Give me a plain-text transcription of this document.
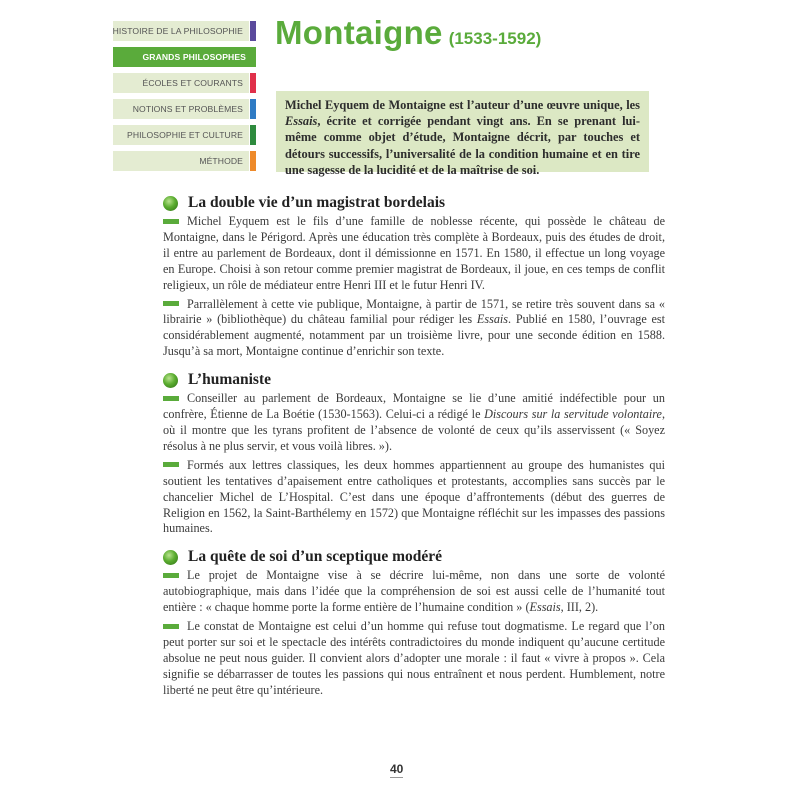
HISTOIRE DE LA PHILOSOPHIE
GRANDS PHILOSOPHES
ÉCOLES ET COURANTS
NOTIONS ET PROBLÈMES
PHILOSOPHIE ET CULTURE
MÉTHODE
Montaigne (1533-1592)
Michel Eyquem de Montaigne est l’auteur d’une œuvre unique, les Essais, écrite et corrigée pendant vingt ans. En se prenant lui-même comme objet d’étude, Montaigne décrit, par touches et détours successifs, l’universalité de la condition humaine et en tire une sagesse de la lucidité et de la maîtrise de soi.
La double vie d’un magistrat bordelais
Michel Eyquem est le fils d’une famille de noblesse récente, qui possède le château de Montaigne, dans le Périgord. Après une éducation très complète à Bordeaux, puis des études de droit, il entre au parlement de Bordeaux, dont il démissionne en 1571. En 1580, il effectue un long voyage en Europe. Choisi à son retour comme premier magistrat de Bordeaux, il joue, en ces temps de conflit religieux, un rôle de médiateur entre Henri III et le futur Henri IV.
Parrallèlement à cette vie publique, Montaigne, à partir de 1571, se retire très souvent dans sa « librairie » (bibliothèque) du château familial pour rédiger les Essais. Publié en 1580, l’ouvrage est considérablement augmenté, notamment par un troisième livre, pour une seconde édition en 1588. Jusqu’à sa mort, Montaigne continue d’enrichir son texte.
L’humaniste
Conseiller au parlement de Bordeaux, Montaigne se lie d’une amitié indéfectible pour un confrère, Étienne de La Boétie (1530-1563). Celui-ci a rédigé le Discours sur la servitude volontaire, où il montre que les tyrans profitent de l’absence de volonté de ceux qu’ils asservissent (« Soyez résolus à ne plus servir, et vous voilà libres. »).
Formés aux lettres classiques, les deux hommes appartiennent au groupe des humanistes qui soutient les tentatives d’apaisement entre catholiques et protestants, accomplies sans succès par le chancelier Michel de L’Hospital. C’est dans une époque d’affrontements (début des guerres de Religion en 1562, la Saint-Barthélemy en 1572) que Montaigne réfléchit sur les impasses des passions humaines.
La quête de soi d’un sceptique modéré
Le projet de Montaigne vise à se décrire lui-même, non dans une sorte de volonté autobiographique, mais dans l’idée que la compréhension de soi est aussi celle de l’humanité tout entière : « chaque homme porte la forme entière de l’humaine condition » (Essais, III, 2).
Le constat de Montaigne est celui d’un homme qui refuse tout dogmatisme. Le regard que l’on peut porter sur soi et le spectacle des intérêts contradictoires du monde indiquent qu’aucune certitude absolue ne peut nous guider. Il convient alors d’adopter une morale : il faut « vivre à propos ». Cela signifie se débarrasser de toutes les passions qui nous entraînent et nous perdent. Humblement, notre liberté ne peut être qu’intérieure.
40
